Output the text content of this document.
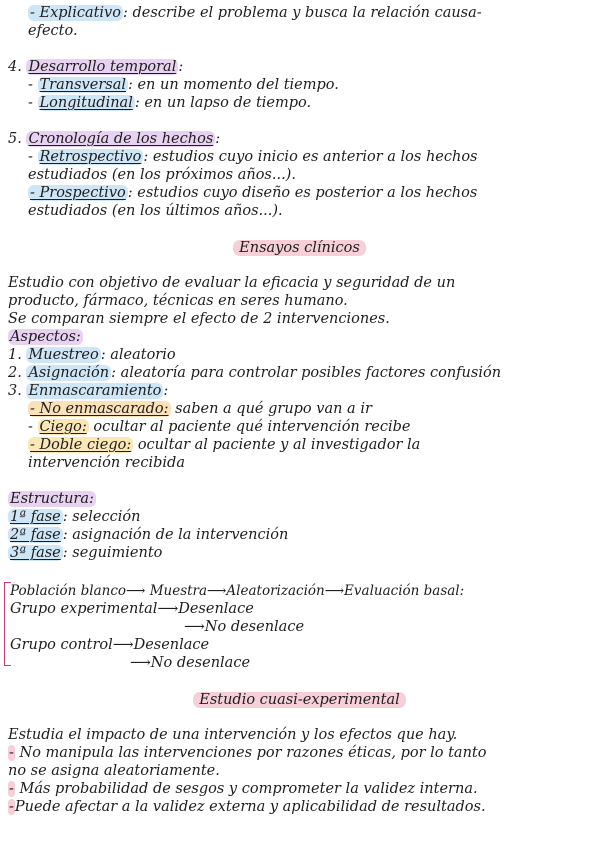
- Explicativo : describe el problema y busca la relación causa-
efecto.
4. Desarrollo temporal :
- Transversal : en un momento del tiempo.
- Longitudinal : en un lapso de tiempo.
5. Cronología de los hechos :
- Retrospectivo : estudios cuyo inicio es anterior a los hechos
estudiados (en los próximos años...).
- Prospectivo : estudios cuyo diseño es posterior a los hechos
estudiados (en los últimos años...).
Ensayos clínicos
Estudio con objetivo de evaluar la eficacia y seguridad de un
producto, fármaco, técnicas en seres humano.
Se comparan siempre el efecto de 2 intervenciones.
Aspectos:
1. Muestreo : aleatorio
2. Asignación : aleatoría para controlar posibles factores confusión
3. Enmascaramiento :
- No enmascarado: saben a qué grupo van a ir
- Ciego: ocultar al paciente qué intervención recibe
- Doble ciego: ocultar al paciente y al investigador la
intervención recibida
Estructura:
1ª fase : selección
2ª fase : asignación de la intervención
3ª fase : seguimiento
Población blanco⟶ Muestra⟶Aleatorización⟶Evaluación basal:
Grupo experimental⟶Desenlace
⟶No desenlace
Grupo control⟶Desenlace
⟶No desenlace
Estudio cuasi-experimental
Estudia el impacto de una intervención y los efectos que hay.
- No manipula las intervenciones por razones éticas, por lo tanto
no se asigna aleatoriamente.
- Más probabilidad de sesgos y comprometer la validez interna.
-Puede afectar a la validez externa y aplicabilidad de resultados.
